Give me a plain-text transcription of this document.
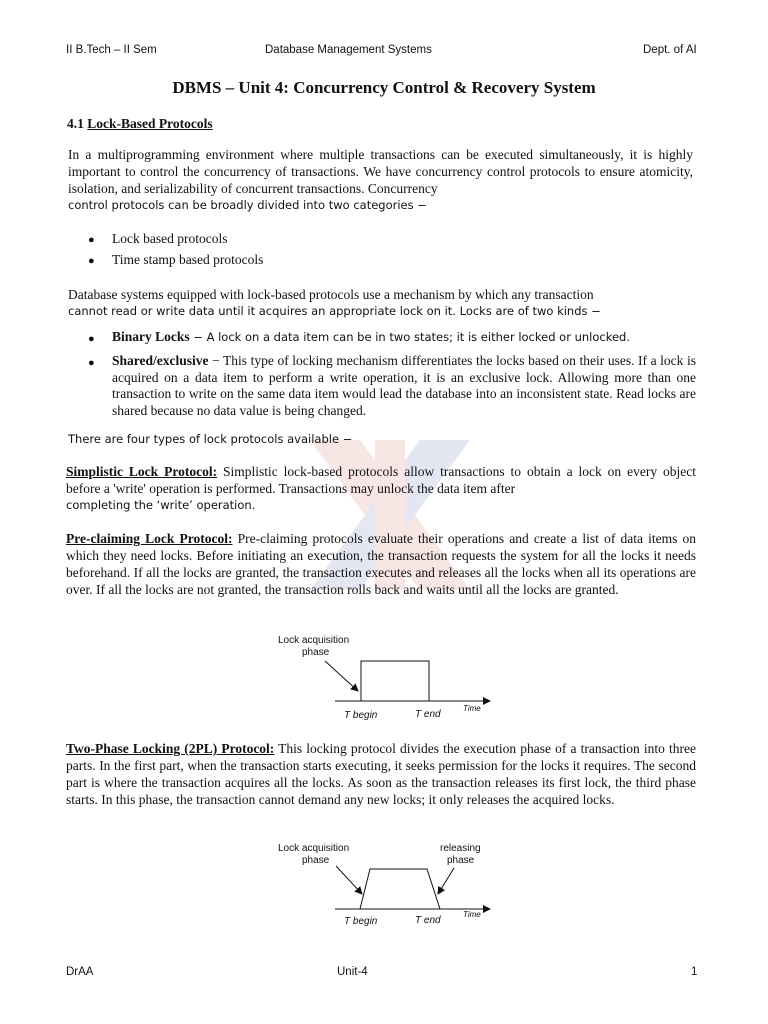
II B.Tech – II Sem	Database Management Systems	Dept. of AI
DBMS – Unit 4: Concurrency Control & Recovery System
4.1 Lock-Based Protocols
In a multiprogramming environment where multiple transactions can be executed simultaneously, it is highly important to control the concurrency of transactions. We have concurrency control protocols to ensure atomicity, isolation, and serializability of concurrent transactions. Concurrency
control protocols can be broadly divided into two categories −
● Lock based protocols
● Time stamp based protocols
Database systems equipped with lock-based protocols use a mechanism by which any transaction
cannot read or write data until it acquires an appropriate lock on it. Locks are of two kinds −
● Binary Locks − A lock on a data item can be in two states; it is either locked or unlocked.
● Shared/exclusive − This type of locking mechanism differentiates the locks based on their uses. If a lock is acquired on a data item to perform a write operation, it is an exclusive lock. Allowing more than one transaction to write on the same data item would lead the database into an inconsistent state. Read locks are shared because no data value is being changed.
There are four types of lock protocols available −
Simplistic Lock Protocol: Simplistic lock-based protocols allow transactions to obtain a lock on every object before a 'write' operation is performed. Transactions may unlock the data item after
completing the ‘write’ operation.
Pre-claiming Lock Protocol: Pre-claiming protocols evaluate their operations and create a list of data items on which they need locks. Before initiating an execution, the transaction requests the system for all the locks it needs beforehand. If all the locks are granted, the transaction executes and releases all the locks when all its operations are over. If all the locks are not granted, the transaction rolls back and waits until all the locks are granted.
Lock acquisition
phase
T begin	T end
Time
Two-Phase Locking (2PL) Protocol: This locking protocol divides the execution phase of a transaction into three parts. In the first part, when the transaction starts executing, it seeks permission for the locks it requires. The second part is where the transaction acquires all the locks. As soon as the transaction releases its first lock, the third phase starts. In this phase, the transaction cannot demand any new locks; it only releases the acquired locks.
Lock acquisition
phase
releasing
phase
T begin	T end
Time
DrAA	Unit-4	1
